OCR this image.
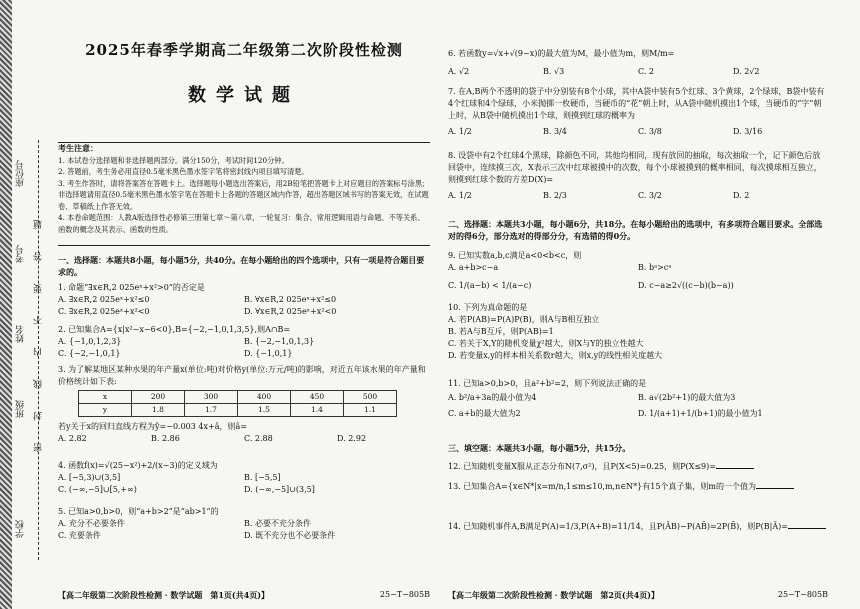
学校
班级
姓名
考号
座位号
密 封 线 内 不 要 答 题
2025年春季学期高二年级第二次阶段性检测
数学试题
考生注意：
1. 本试卷分选择题和非选择题两部分。满分150分，考试时间120分钟。
2. 答题前，考生务必用直径0.5毫米黑色墨水签字笔将密封线内项目填写清楚。
3. 考生作答时，请将答案答在答题卡上。选择题每小题选出答案后，用2B铅笔把答题卡上对应题目的答案标号涂黑；非选择题请用直径0.5毫米黑色墨水签字笔在答题卡上各题的答题区域内作答，超出答题区域书写的答案无效，在试题卷、草稿纸上作答无效。
4. 本卷命题范围：人教A版选择性必修第三册第七章～第八章，一轮复习：集合、常用逻辑用语与命题、不等关系、函数的概念及其表示、函数的性质。
一、选择题：本题共8小题，每小题5分，共40分。在每小题给出的四个选项中，只有一项是符合题目要求的。
1. 命题“∃x∈R,2 025eˣ+x²>0”的否定是
A. ∃x∈R,2 025eˣ+x²≤0	B. ∀x∈R,2 025eˣ+x²≤0
C. ∃x∈R,2 025eˣ+x²<0	D. ∀x∈R,2 025eˣ+x²<0
2. 已知集合A={x|x²−x−6<0},B={−2,−1,0,1,3,5},则A∩B=
A. {−1,0,1,2,3}	B. {−2,−1,0,1,3}
C. {−2,−1,0,1}	D. {−1,0,1}
3. 为了解某地区某种水果的年产量x(单位:吨)对价格y(单位:万元/吨)的影响，对近五年该水果的年产量和价格统计如下表:
x	200	300	400	450	500
y	1.8	1.7	1.5	1.4	1.1
若y关于x的回归直线方程为ŷ=−0.003 4x+â，则â=
A. 2.82	B. 2.86	C. 2.88	D. 2.92
4. 函数f(x)=√(25−x²)+2/(x−3)的定义域为
A. [−5,3)∪(3,5]	B. [−5,5]
C. (−∞,−5]∪[5,+∞)	D. (−∞,−5]∪(3,5]
5. 已知a>0,b>0，则“a+b>2”是“ab>1”的
A. 充分不必要条件	B. 必要不充分条件
C. 充要条件	D. 既不充分也不必要条件
【高二年级第二次阶段性检测 · 数学试题　第1页(共4页)】	25−T−805B
6. 若函数y=√x+√(9−x)的最大值为M，最小值为m，则M/m=
A. √2	B. √3	C. 2	D. 2√2
7. 在A,B两个不透明的袋子中分别装有8个小球，其中A袋中装有5个红球、3个黄球，2个绿球，B袋中装有4个红球和4个绿球，小米抛掷一枚硬币，当硬币的“花”朝上时，从A袋中随机摸出1个球，当硬币的“字”朝上时，从B袋中随机摸出1个球，则摸到红球的概率为
A. 1/2	B. 3/4	C. 3/8	D. 3/16
8. 设袋中有2个红球4个黑球，除颜色不同，其他均相同，现有放回的抽取，每次抽取一个，记下颜色后放回袋中，连续摸三次，X表示三次中红球被摸中的次数，每个小球被摸到的概率相同，每次摸球相互独立，则摸到红球个数的方差D(X)=
A. 1/2	B. 2/3	C. 3/2	D. 2
二、选择题：本题共3小题，每小题6分，共18分。在每小题给出的选项中，有多项符合题目要求。全部选对的得6分，部分选对的得部分分，有选错的得0分。
9. 已知实数a,b,c满足a<0<b<c，则
A. a+b>c−a	B. bᵃ>cᵃ
C. 1/(a−b) < 1/(a−c)	D. c−a≥2√((c−b)(b−a))
10. 下列为真命题的是
A. 若P(AB)=P(A)P(B)，则A与B相互独立
B. 若A与B互斥，则P(AB)=1
C. 若关于X,Y的随机变量χ²越大，则X与Y的独立性越大
D. 若变量x,y的样本相关系数r越大，则x,y的线性相关度越大
11. 已知a>0,b>0，且a²+b²=2，则下列说法正确的是
A. b²/a+3a的最小值为4	B. a√(2b²+1)的最大值为3
C. a+b的最大值为2	D. 1/(a+1)+1/(b+1)的最小值为1
三、填空题：本题共3小题，每小题5分，共15分。
12. 已知随机变量X服从正态分布N(7,σ²)，且P(X<5)=0.25，则P(X≤9)=
13. 已知集合A={x∈N*|x=m/n,1≤m≤10,m,n∈N*}有15个真子集，则m的一个值为
14. 已知随机事件A,B满足P(A)=1/3,P(A+B)=11/14，且P(ĀB)−P(AB̄)=2P(B̄)，则P(B|Ā)=
【高二年级第二次阶段性检测 · 数学试题　第2页(共4页)】	25−T−805B
